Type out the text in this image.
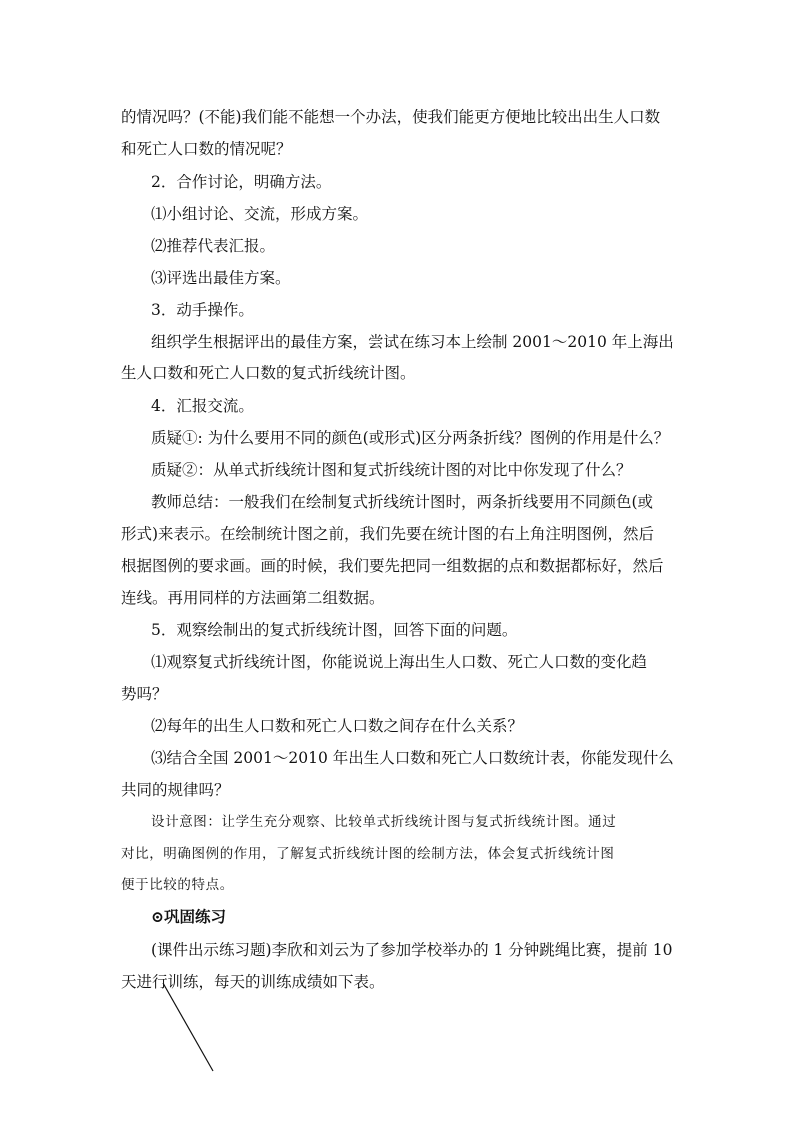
的情况吗？(不能)我们能不能想一个办法，使我们能更方便地比较出出生人口数

和死亡人口数的情况呢？

2．合作讨论，明确方法。

⑴小组讨论、交流，形成方案。

⑵推荐代表汇报。

⑶评选出最佳方案。

3．动手操作。

组织学生根据评出的最佳方案，尝试在练习本上绘制 2001～2010 年上海出

生人口数和死亡人口数的复式折线统计图。

4．汇报交流。

质疑①: 为什么要用不同的颜色(或形式)区分两条折线？图例的作用是什么？

质疑②：从单式折线统计图和复式折线统计图的对比中你发现了什么？

教师总结：一般我们在绘制复式折线统计图时，两条折线要用不同颜色(或

形式)来表示。在绘制统计图之前，我们先要在统计图的右上角注明图例，然后

根据图例的要求画。画的时候，我们要先把同一组数据的点和数据都标好，然后

连线。再用同样的方法画第二组数据。

5．观察绘制出的复式折线统计图，回答下面的问题。

⑴观察复式折线统计图，你能说说上海出生人口数、死亡人口数的变化趋

势吗？

⑵每年的出生人口数和死亡人口数之间存在什么关系？

⑶结合全国 2001～2010 年出生人口数和死亡人口数统计表，你能发现什么

共同的规律吗？

设计意图：让学生充分观察、比较单式折线统计图与复式折线统计图。通过

对比，明确图例的作用，了解复式折线统计图的绘制方法，体会复式折线统计图

便于比较的特点。

⊙巩固练习

(课件出示练习题)李欣和刘云为了参加学校举办的 1 分钟跳绳比赛，提前 10

天进行训练，每天的训练成绩如下表。
